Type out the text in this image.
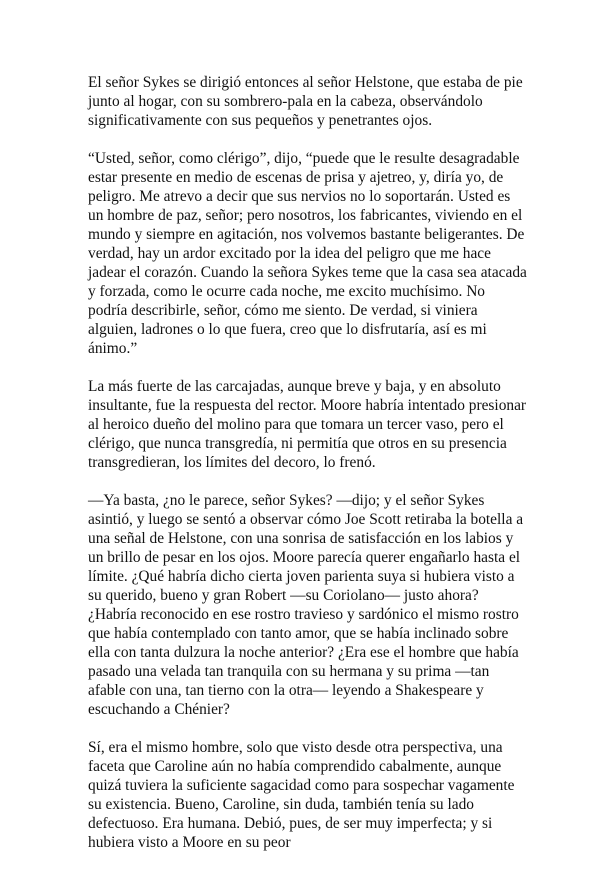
El señor Sykes se dirigió entonces al señor Helstone, que estaba de pie junto al hogar, con su sombrero-pala en la cabeza, observándolo significativamente con sus pequeños y penetrantes ojos.

“Usted, señor, como clérigo”, dijo, “puede que le resulte desagradable estar presente en medio de escenas de prisa y ajetreo, y, diría yo, de peligro. Me atrevo a decir que sus nervios no lo soportarán. Usted es un hombre de paz, señor; pero nosotros, los fabricantes, viviendo en el mundo y siempre en agitación, nos volvemos bastante beligerantes. De verdad, hay un ardor excitado por la idea del peligro que me hace jadear el corazón. Cuando la señora Sykes teme que la casa sea atacada y forzada, como le ocurre cada noche, me excito muchísimo. No podría describirle, señor, cómo me siento. De verdad, si viniera alguien, ladrones o lo que fuera, creo que lo disfrutaría, así es mi ánimo.”

La más fuerte de las carcajadas, aunque breve y baja, y en absoluto insultante, fue la respuesta del rector. Moore habría intentado presionar al heroico dueño del molino para que tomara un tercer vaso, pero el clérigo, que nunca transgredía, ni permitía que otros en su presencia transgredieran, los límites del decoro, lo frenó.

—Ya basta, ¿no le parece, señor Sykes? —dijo; y el señor Sykes asintió, y luego se sentó a observar cómo Joe Scott retiraba la botella a una señal de Helstone, con una sonrisa de satisfacción en los labios y un brillo de pesar en los ojos. Moore parecía querer engañarlo hasta el límite. ¿Qué habría dicho cierta joven parienta suya si hubiera visto a su querido, bueno y gran Robert —su Coriolano— justo ahora? ¿Habría reconocido en ese rostro travieso y sardónico el mismo rostro que había contemplado con tanto amor, que se había inclinado sobre ella con tanta dulzura la noche anterior? ¿Era ese el hombre que había pasado una velada tan tranquila con su hermana y su prima —tan afable con una, tan tierno con la otra— leyendo a Shakespeare y escuchando a Chénier?

Sí, era el mismo hombre, solo que visto desde otra perspectiva, una faceta que Caroline aún no había comprendido cabalmente, aunque quizá tuviera la suficiente sagacidad como para sospechar vagamente su existencia. Bueno, Caroline, sin duda, también tenía su lado defectuoso. Era humana. Debió, pues, de ser muy imperfecta; y si hubiera visto a Moore en su peor
